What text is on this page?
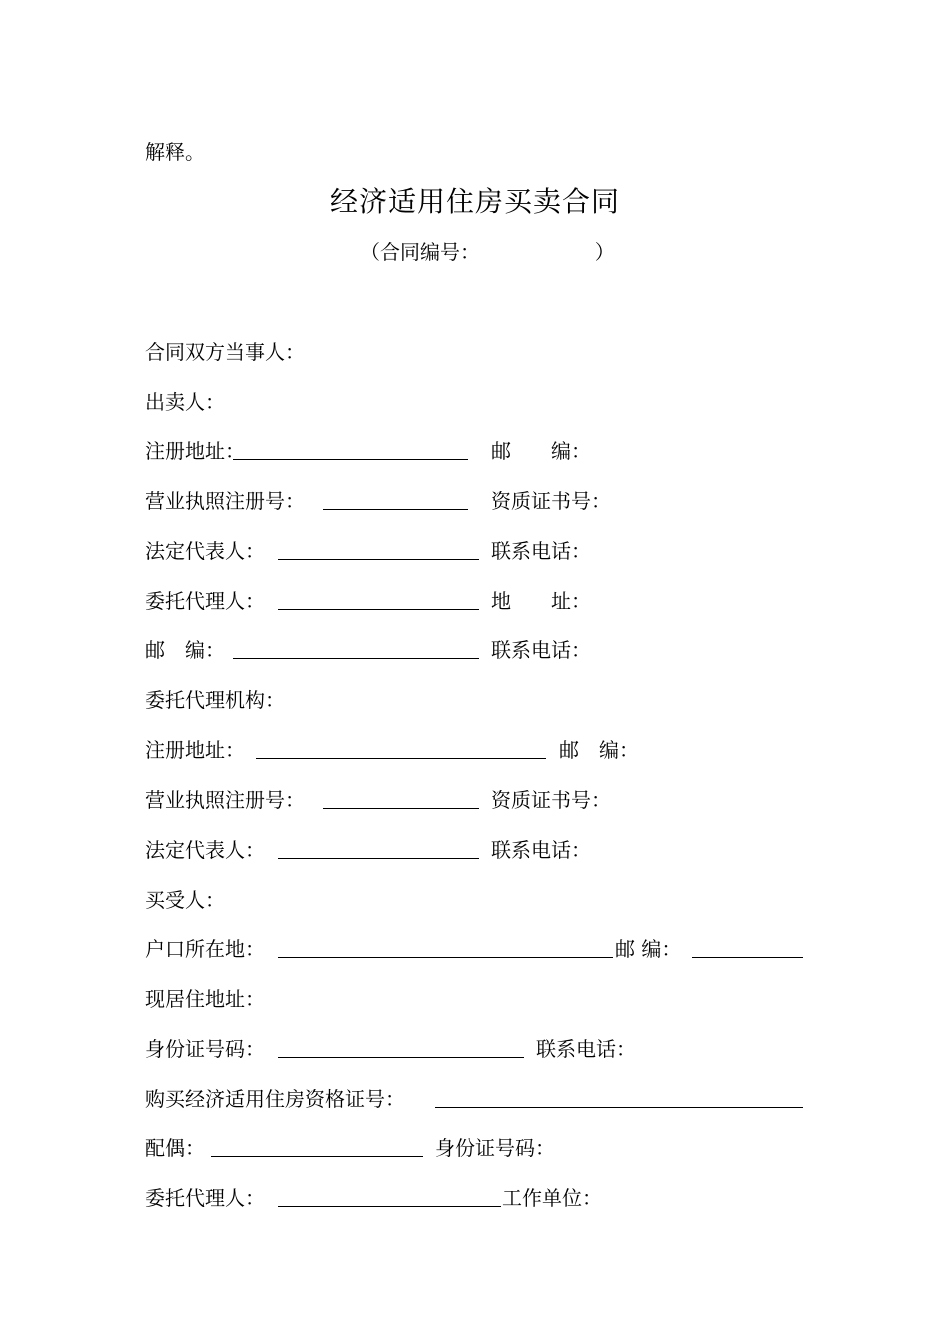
解释。
经济适用住房买卖合同
（合同编号：	）
合同双方当事人：
出卖人：
注册地址：	邮　　编：
营业执照注册号：	资质证书号：
法定代表人：	联系电话：
委托代理人：	地　　址：
邮　编：	联系电话：
委托代理机构：
注册地址：	邮　编：
营业执照注册号：	资质证书号：
法定代表人：	联系电话：
买受人：
户口所在地：	邮 编：
现居住地址：
身份证号码：	联系电话：
购买经济适用住房资格证号：
配偶：	身份证号码：
委托代理人：	工作单位：
